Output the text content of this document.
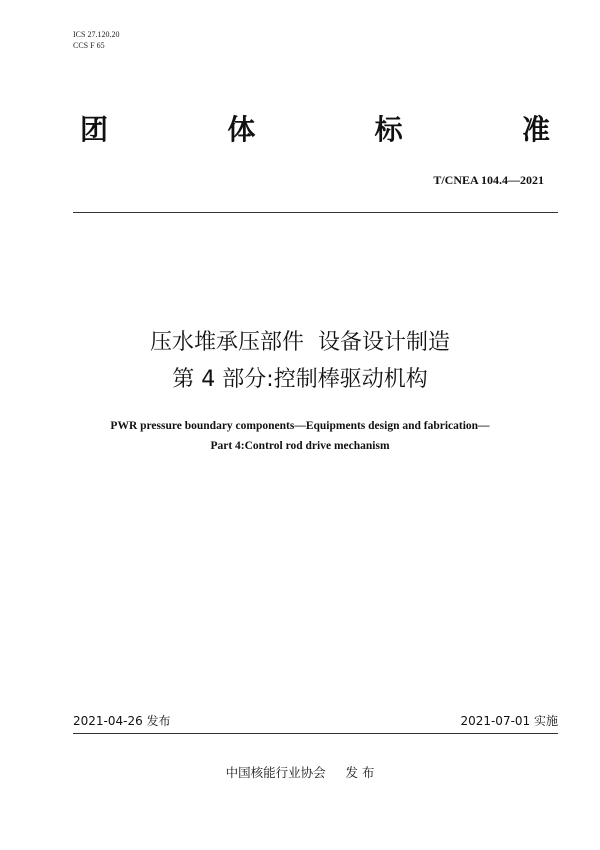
ICS 27.120.20
CCS F 65
团	体	标	准
T/CNEA 104.4—2021
压水堆承压部件  设备设计制造
第 4 部分:控制棒驱动机构
PWR pressure boundary components—Equipments design and fabrication—
Part 4:Control rod drive mechanism
2021-04-26 发布	2021-07-01 实施
中国核能行业协会 发 布
